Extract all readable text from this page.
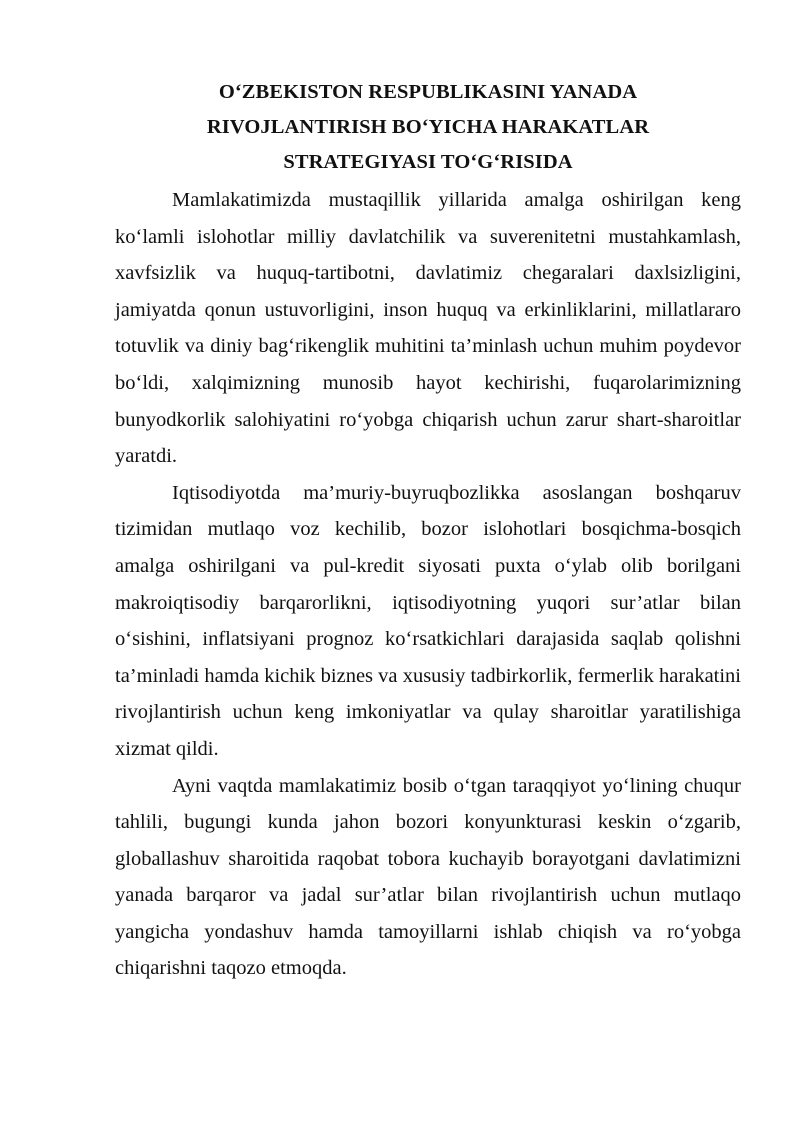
O‘ZBEKISTON RESPUBLIKASINI YANADA
RIVOJLANTIRISH BO‘YICHA HARAKATLAR
STRATEGIYASI TO‘G‘RISIDA

Mamlakatimizda mustaqillik yillarida amalga oshirilgan keng ko‘lamli islohotlar milliy davlatchilik va suverenitetni mustahkamlash, xavfsizlik va huquq-tartibotni, davlatimiz chegaralari daxlsizligini, jamiyatda qonun ustuvorligini, inson huquq va erkinliklarini, millatlararo totuvlik va diniy bag‘rikenglik muhitini ta’minlash uchun muhim poydevor bo‘ldi, xalqimizning munosib hayot kechirishi, fuqarolarimizning bunyodkorlik salohiyatini ro‘yobga chiqarish uchun zarur shart-sharoitlar yaratdi.

Iqtisodiyotda ma’muriy-buyruqbozlikka asoslangan boshqaruv tizimidan mutlaqo voz kechilib, bozor islohotlari bosqichma-bosqich amalga oshirilgani va pul-kredit siyosati puxta o‘ylab olib borilgani makroiqtisodiy barqarorlikni, iqtisodiyotning yuqori sur’atlar bilan o‘sishini, inflatsiyani prognoz ko‘rsatkichlari darajasida saqlab qolishni ta’minladi hamda kichik biznes va xususiy tadbirkorlik, fermerlik harakatini rivojlantirish uchun keng imkoniyatlar va qulay sharoitlar yaratilishiga xizmat qildi.

Ayni vaqtda mamlakatimiz bosib o‘tgan taraqqiyot yo‘lining chuqur tahlili, bugungi kunda jahon bozori konyunkturasi keskin o‘zgarib, globallashuv sharoitida raqobat tobora kuchayib borayotgani davlatimizni yanada barqaror va jadal sur’atlar bilan rivojlantirish uchun mutlaqo yangicha yondashuv hamda tamoyillarni ishlab chiqish va ro‘yobga chiqarishni taqozo etmoqda.
